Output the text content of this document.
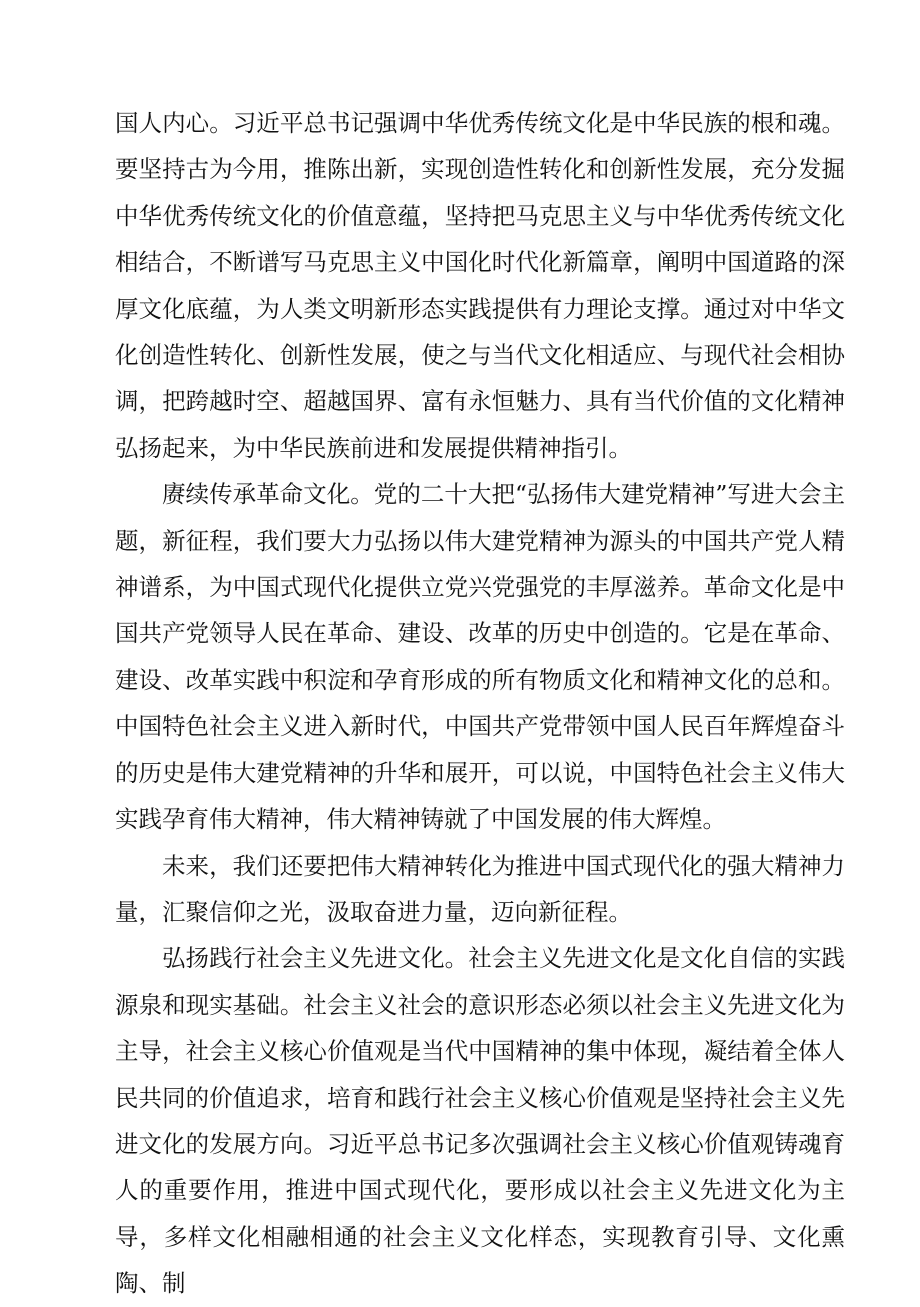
国人内心。习近平总书记强调中华优秀传统文化是中华民族的根和魂。要坚持古为今用，推陈出新，实现创造性转化和创新性发展，充分发掘中华优秀传统文化的价值意蕴，坚持把马克思主义与中华优秀传统文化相结合，不断谱写马克思主义中国化时代化新篇章，阐明中国道路的深厚文化底蕴，为人类文明新形态实践提供有力理论支撑。通过对中华文化创造性转化、创新性发展，使之与当代文化相适应、与现代社会相协调，把跨越时空、超越国界、富有永恒魅力、具有当代价值的文化精神弘扬起来，为中华民族前进和发展提供精神指引。

赓续传承革命文化。党的二十大把“弘扬伟大建党精神”写进大会主题，新征程，我们要大力弘扬以伟大建党精神为源头的中国共产党人精神谱系，为中国式现代化提供立党兴党强党的丰厚滋养。革命文化是中国共产党领导人民在革命、建设、改革的历史中创造的。它是在革命、建设、改革实践中积淀和孕育形成的所有物质文化和精神文化的总和。中国特色社会主义进入新时代，中国共产党带领中国人民百年辉煌奋斗的历史是伟大建党精神的升华和展开，可以说，中国特色社会主义伟大实践孕育伟大精神，伟大精神铸就了中国发展的伟大辉煌。

未来，我们还要把伟大精神转化为推进中国式现代化的强大精神力量，汇聚信仰之光，汲取奋进力量，迈向新征程。

弘扬践行社会主义先进文化。社会主义先进文化是文化自信的实践源泉和现实基础。社会主义社会的意识形态必须以社会主义先进文化为主导，社会主义核心价值观是当代中国精神的集中体现，凝结着全体人民共同的价值追求，培育和践行社会主义核心价值观是坚持社会主义先进文化的发展方向。习近平总书记多次强调社会主义核心价值观铸魂育人的重要作用，推进中国式现代化，要形成以社会主义先进文化为主导，多样文化相融相通的社会主义文化样态，实现教育引导、文化熏陶、制
